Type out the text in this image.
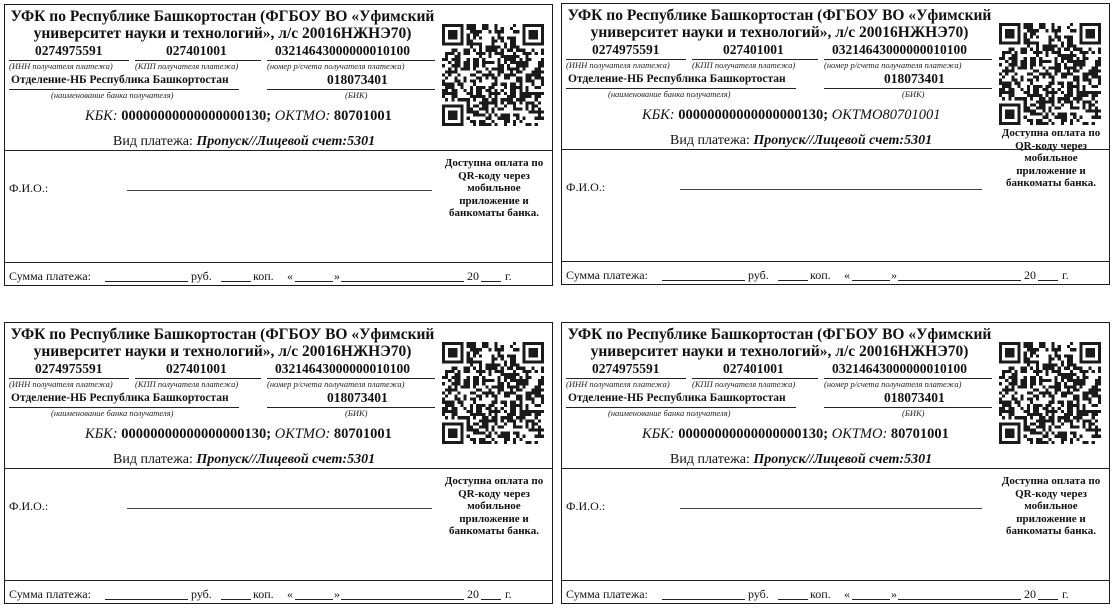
УФК по Республике Башкортостан (ФГБОУ ВО «Уфимский
университет науки и технологий», л/с 20016НЖНЭ70)
0274975591	027401001	03214643000000010100
(ИНН получателя платежа)	(КПП получателя платежа)	(номер р/счета получателя платежа)
Отделение-НБ Республика Башкортостан	018073401
(наименование банка получателя)	(БИК)
КБК: 00000000000000000130; ОКТМО: 80701001
Вид платежа: Пропуск//Лицевой счет:5301
Доступна оплата по QR-коду через мобильное приложение и банкоматы банка.
Ф.И.О.:
Сумма платежа:	руб.	коп. «	»	20 г.
УФК по Республике Башкортостан (ФГБОУ ВО «Уфимский
университет науки и технологий», л/с 20016НЖНЭ70)
0274975591	027401001	03214643000000010100
(ИНН получателя платежа)	(КПП получателя платежа)	(номер р/счета получателя платежа)
Отделение-НБ Республика Башкортостан	018073401
(наименование банка получателя)	(БИК)
КБК: 00000000000000000130; ОКТМО80701001
Вид платежа: Пропуск//Лицевой счет:5301	Доступна оплата по QR-коду через мобильное приложение и банкоматы банка.
Ф.И.О.:
Сумма платежа:	руб.	коп. «	»	20 г.
УФК по Республике Башкортостан (ФГБОУ ВО «Уфимский
университет науки и технологий», л/с 20016НЖНЭ70)
0274975591	027401001	03214643000000010100
(ИНН получателя платежа)	(КПП получателя платежа)	(номер р/счета получателя платежа)
Отделение-НБ Республика Башкортостан	018073401
(наименование банка получателя)	(БИК)
КБК: 00000000000000000130; ОКТМО: 80701001
Вид платежа: Пропуск//Лицевой счет:5301
Доступна оплата по QR-коду через мобильное приложение и банкоматы банка.
Ф.И.О.:
Сумма платежа:	руб.	коп. «	»	20 г.
УФК по Республике Башкортостан (ФГБОУ ВО «Уфимский
университет науки и технологий», л/с 20016НЖНЭ70)
0274975591	027401001	03214643000000010100
(ИНН получателя платежа)	(КПП получателя платежа)	(номер р/счета получателя платежа)
Отделение-НБ Республика Башкортостан	018073401
(наименование банка получателя)	(БИК)
КБК: 00000000000000000130; ОКТМО: 80701001
Вид платежа: Пропуск//Лицевой счет:5301
Доступна оплата по QR-коду через мобильное приложение и банкоматы банка.
Ф.И.О.:
Сумма платежа:	руб.	коп. «	»	20 г.
